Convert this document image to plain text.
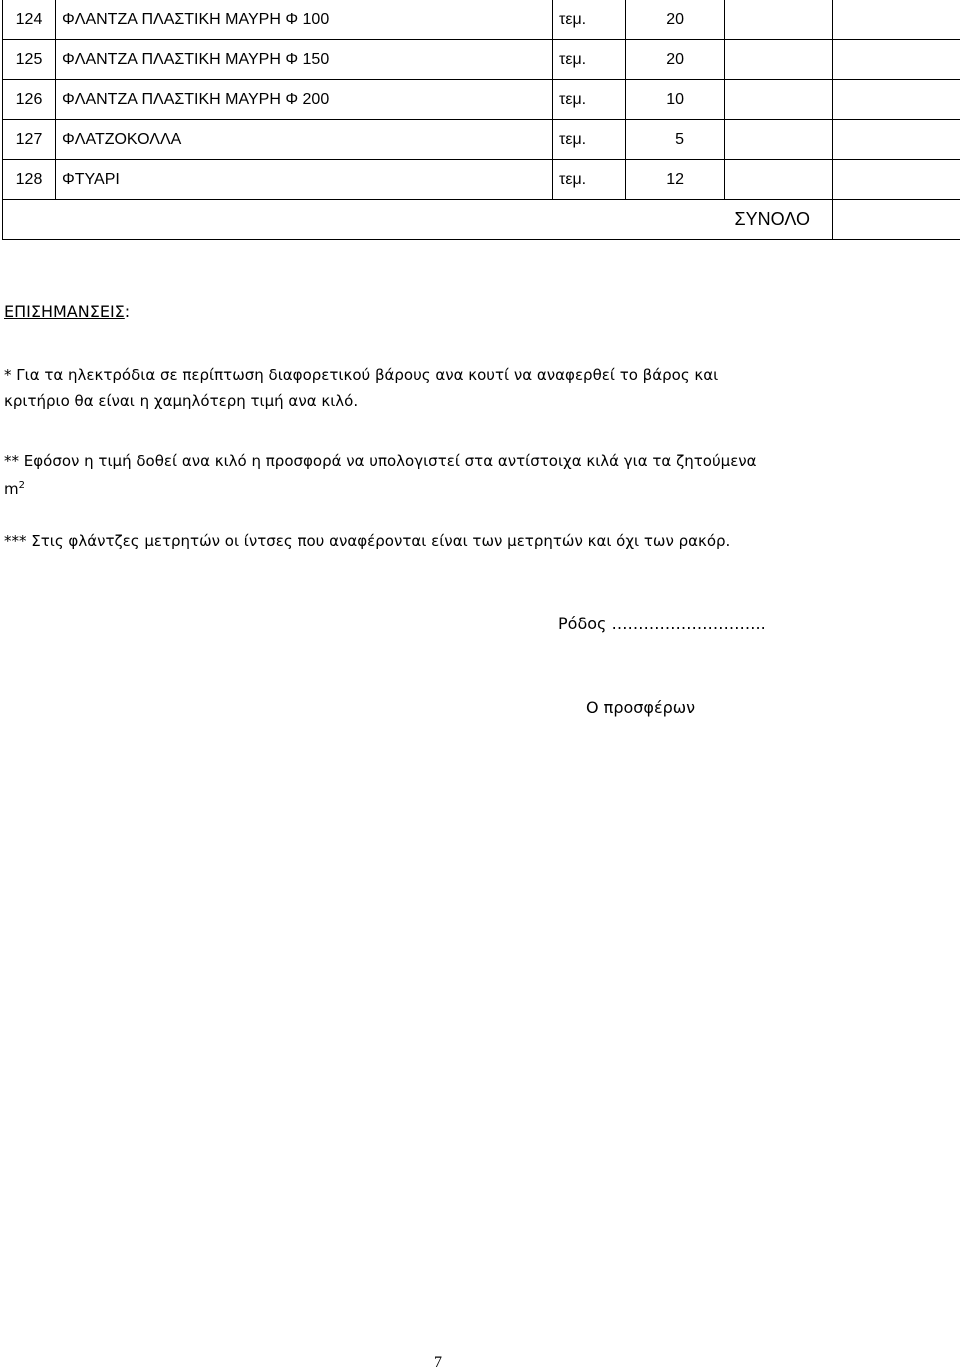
124	ΦΛΑΝΤΖΑ ΠΛΑΣΤΙΚΗ ΜΑΥΡΗ Φ 100	τεμ.	20		
125	ΦΛΑΝΤΖΑ ΠΛΑΣΤΙΚΗ ΜΑΥΡΗ Φ 150	τεμ.	20		
126	ΦΛΑΝΤΖΑ ΠΛΑΣΤΙΚΗ ΜΑΥΡΗ Φ 200	τεμ.	10		
127	ΦΛΑΤΖΟΚΟΛΛΑ	τεμ.	5		
128	ΦΤΥΑΡΙ	τεμ.	12		
ΣΥΝΟΛΟ					
ΕΠΙΣΗΜΑΝΣΕΙΣ:
* Για τα ηλεκτρόδια σε περίπτωση διαφορετικού βάρους ανα κουτί να αναφερθεί το βάρος και
κριτήριο θα είναι η χαμηλότερη τιμή ανα κιλό.
** Εφόσον η τιμή δοθεί ανα κιλό η προσφορά να υπολογιστεί στα αντίστοιχα κιλά για τα ζητούμενα
$m^2$
*** Στις φλάντζες μετρητών οι ίντσες που αναφέρονται είναι των μετρητών και όχι των ρακόρ.
Ρόδος ………………………..
Ο προσφέρων
7
